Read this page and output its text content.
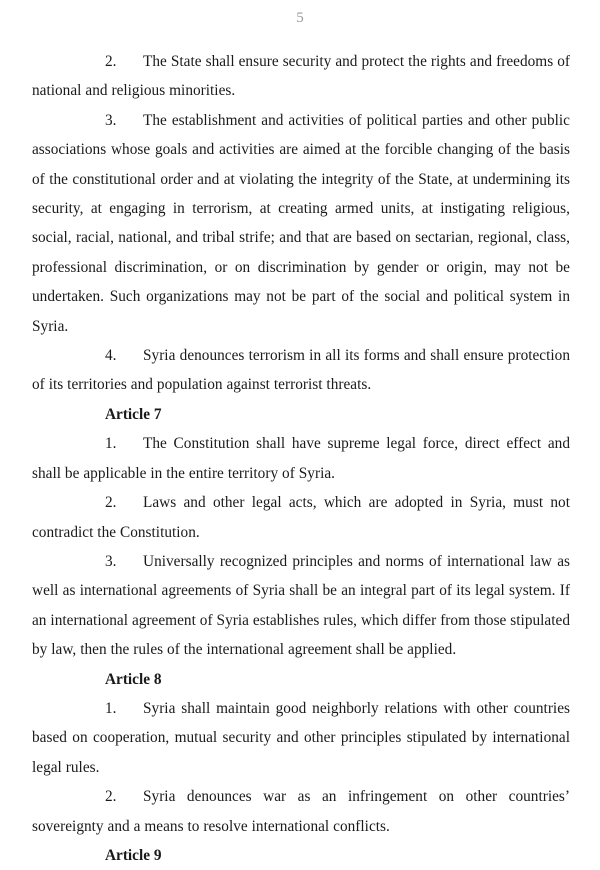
5

2. The State shall ensure security and protect the rights and freedoms of national and religious minorities.

3. The establishment and activities of political parties and other public associations whose goals and activities are aimed at the forcible changing of the basis of the constitutional order and at violating the integrity of the State, at undermining its security, at engaging in terrorism, at creating armed units, at instigating religious, social, racial, national, and tribal strife; and that are based on sectarian, regional, class, professional discrimination, or on discrimination by gender or origin, may not be undertaken. Such organizations may not be part of the social and political system in Syria.

4. Syria denounces terrorism in all its forms and shall ensure protection of its territories and population against terrorist threats.

Article 7

1. The Constitution shall have supreme legal force, direct effect and shall be applicable in the entire territory of Syria.

2. Laws and other legal acts, which are adopted in Syria, must not contradict the Constitution.

3. Universally recognized principles and norms of international law as well as international agreements of Syria shall be an integral part of its legal system. If an international agreement of Syria establishes rules, which differ from those stipulated by law, then the rules of the international agreement shall be applied.

Article 8

1. Syria shall maintain good neighborly relations with other countries based on cooperation, mutual security and other principles stipulated by international legal rules.

2. Syria denounces war as an infringement on other countries’ sovereignty and a means to resolve international conflicts.

Article 9
